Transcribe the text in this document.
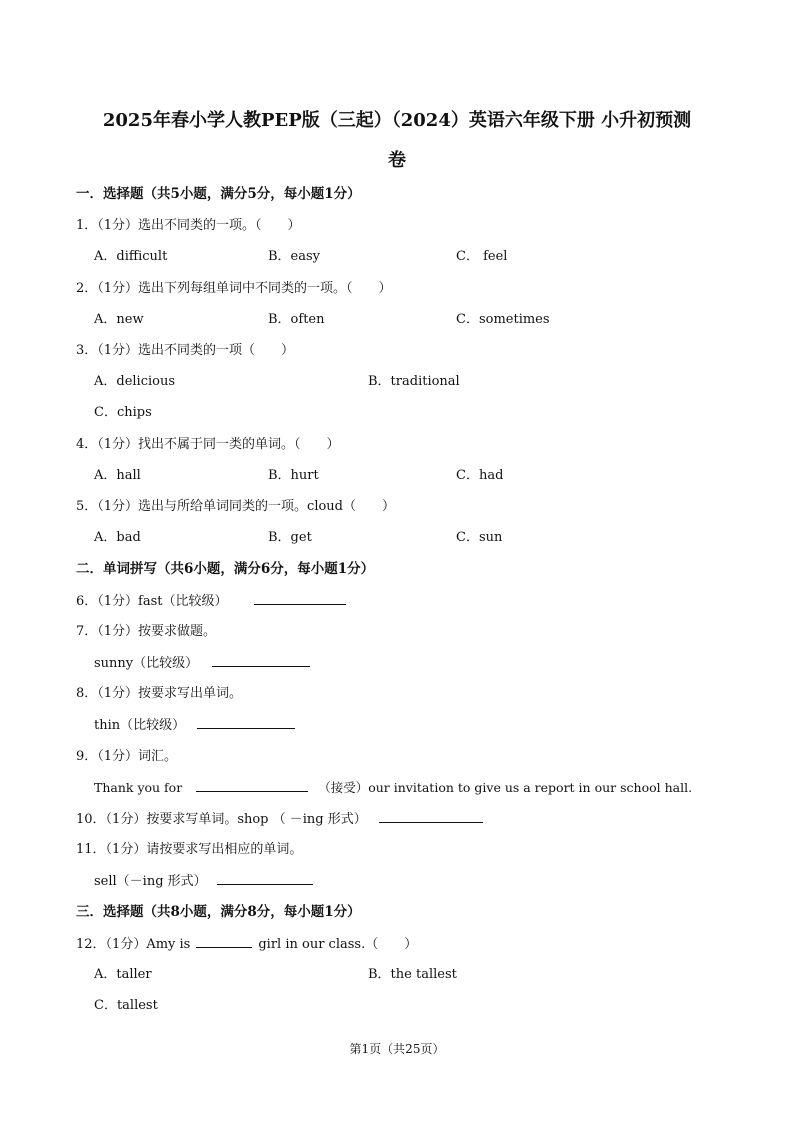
2025年春小学人教PEP版（三起）（2024）英语六年级下册 小升初预测
卷
一．选择题（共5小题，满分5分，每小题1分）
1．（1分）选出不同类的一项。（　　）
A．difficult	B．easy	C． feel
2．（1分）选出下列每组单词中不同类的一项。（　　）
A．new	B．often	C．sometimes
3．（1分）选出不同类的一项（　　）
A．delicious	B．traditional
C．chips
4．（1分）找出不属于同一类的单词。（　　）
A．hall	B．hurt	C．had
5．（1分）选出与所给单词同类的一项。cloud（　　）
A．bad	B．get	C．sun
二．单词拼写（共6小题，满分6分，每小题1分）
6．（1分）fast（比较级）
7．（1分）按要求做题。
sunny（比较级）
8．（1分）按要求写出单词。
thin（比较级）
9．（1分）词汇。
Thank you for	（接受）our invitation to give us a report in our school hall.
10．（1分）按要求写单词。shop （ －ing 形式）
11．（1分）请按要求写出相应的单词。
sell（－ing 形式）
三．选择题（共8小题，满分8分，每小题1分）
12．（1分）Amy is	girl in our class.（　　）
A．taller	B．the tallest
C．tallest
第1页（共25页）
